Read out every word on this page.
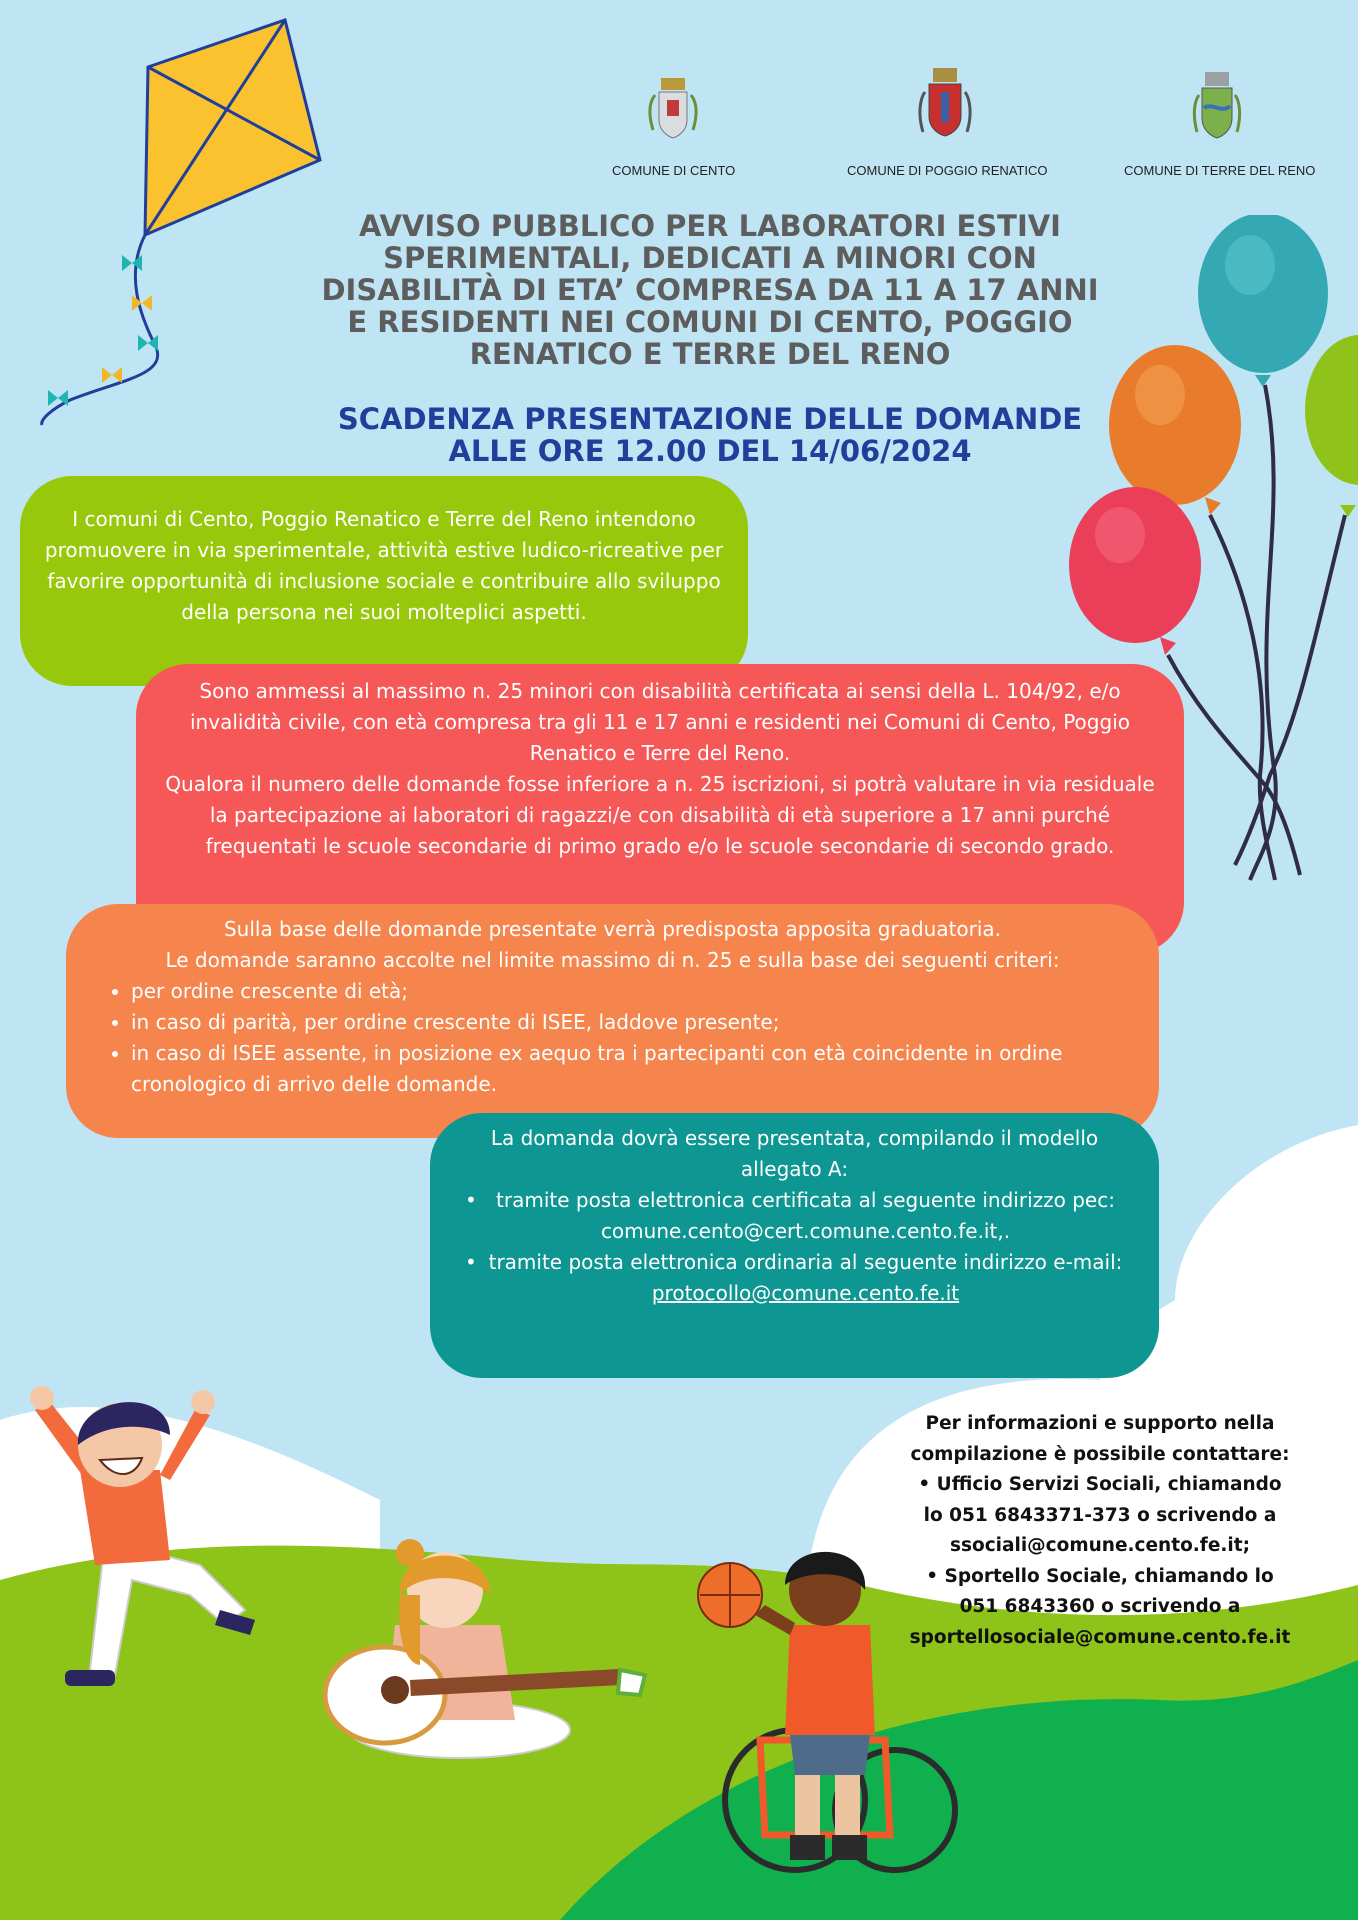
COMUNE DI CENTO	COMUNE DI POGGIO RENATICO	COMUNE DI TERRE DEL RENO
AVVISO PUBBLICO PER LABORATORI ESTIVI
SPERIMENTALI, DEDICATI A MINORI CON
DISABILITÀ DI ETA’ COMPRESA DA 11 A 17 ANNI
E RESIDENTI NEI COMUNI DI CENTO, POGGIO
RENATICO E TERRE DEL RENO
SCADENZA PRESENTAZIONE DELLE DOMANDE
ALLE ORE 12.00 DEL 14/06/2024

I comuni di Cento, Poggio Renatico e Terre del Reno intendono promuovere in via sperimentale, attività estive ludico-ricreative per favorire opportunità di inclusione sociale e contribuire allo sviluppo della persona nei suoi molteplici aspetti.

Sono ammessi al massimo n. 25 minori con disabilità certificata ai sensi della L. 104/92, e/o invalidità civile, con età compresa tra gli 11 e 17 anni e residenti nei Comuni di Cento, Poggio Renatico e Terre del Reno.

Qualora il numero delle domande fosse inferiore a n. 25 iscrizioni, si potrà valutare in via residuale la partecipazione ai laboratori di ragazzi/e con disabilità di età superiore a 17 anni purché frequentati le scuole secondarie di primo grado e/o le scuole secondarie di secondo grado.

Sulla base delle domande presentate verrà predisposta apposita graduatoria.

Le domande saranno accolte nel limite massimo di n. 25 e sulla base dei seguenti criteri:

• per ordine crescente di età;
• in caso di parità, per ordine crescente di ISEE, laddove presente;
• in caso di ISEE assente, in posizione ex aequo tra i partecipanti con età coincidente in ordine cronologico di arrivo delle domande.

La domanda dovrà essere presentata, compilando il modello allegato A:

• tramite posta elettronica certificata al seguente indirizzo pec:
comune.cento@cert.comune.cento.fe.it,.
• tramite posta elettronica ordinaria al seguente indirizzo e-mail:
protocollo@comune.cento.fe.it

Per informazioni e supporto nella

compilazione è possibile contattare:

• Ufficio Servizi Sociali, chiamando

lo 051 6843371-373 o scrivendo a

ssociali@comune.cento.fe.it;

• Sportello Sociale, chiamando lo

051 6843360 o scrivendo a

sportellosociale@comune.cento.fe.it
